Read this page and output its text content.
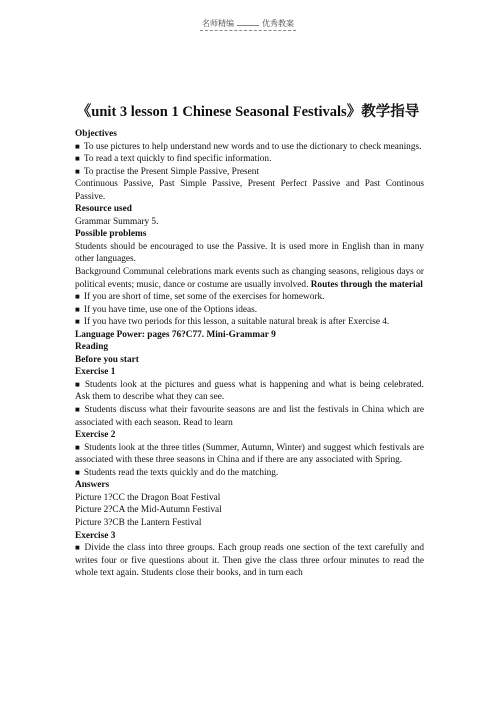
名师精编	优秀教案
《unit 3 lesson 1 Chinese Seasonal Festivals》教学指导

Objectives

■ To use pictures to help understand new words and to use the dictionary to check meanings.

■ To read a text quickly to find specific information.

■ To practise the Present Simple Passive, Present

Continuous Passive, Past Simple Passive, Present Perfect Passive and Past Continous Passive.

Resource used

Grammar Summary 5.

Possible problems

Students should be encouraged to use the Passive. It is used more in English than in many other languages.

Background Communal celebrations mark events such as changing seasons, religious days or political events; music, dance or costume are usually involved. Routes through the material

■ If you are short of time, set some of the exercises for homework.

■ If you have time, use one of the Options ideas.

■ If you have two periods for this lesson, a suitable natural break is after Exercise 4.

Language Power: pages 76?C77. Mini-Grammar 9

Reading

Before you start

Exercise 1

■ Students look at the pictures and guess what is happening and what is being celebrated. Ask them to describe what they can see.

■ Students discuss what their favourite seasons are and list the festivals in China which are associated with each season. Read to learn

Exercise 2

■ Students look at the three titles (Summer, Autumn, Winter) and suggest which festivals are associated with these three seasons in China and if there are any associated with Spring.

■ Students read the texts quickly and do the matching.

Answers

Picture 1?CC the Dragon Boat Festival

Picture 2?CA the Mid-Autumn Festival

Picture 3?CB the Lantern Festival

Exercise 3

■ Divide the class into three groups. Each group reads one section of the text carefully and writes four or five questions about it. Then give the class three orfour minutes to read the whole text again. Students close their books, and in turn each
